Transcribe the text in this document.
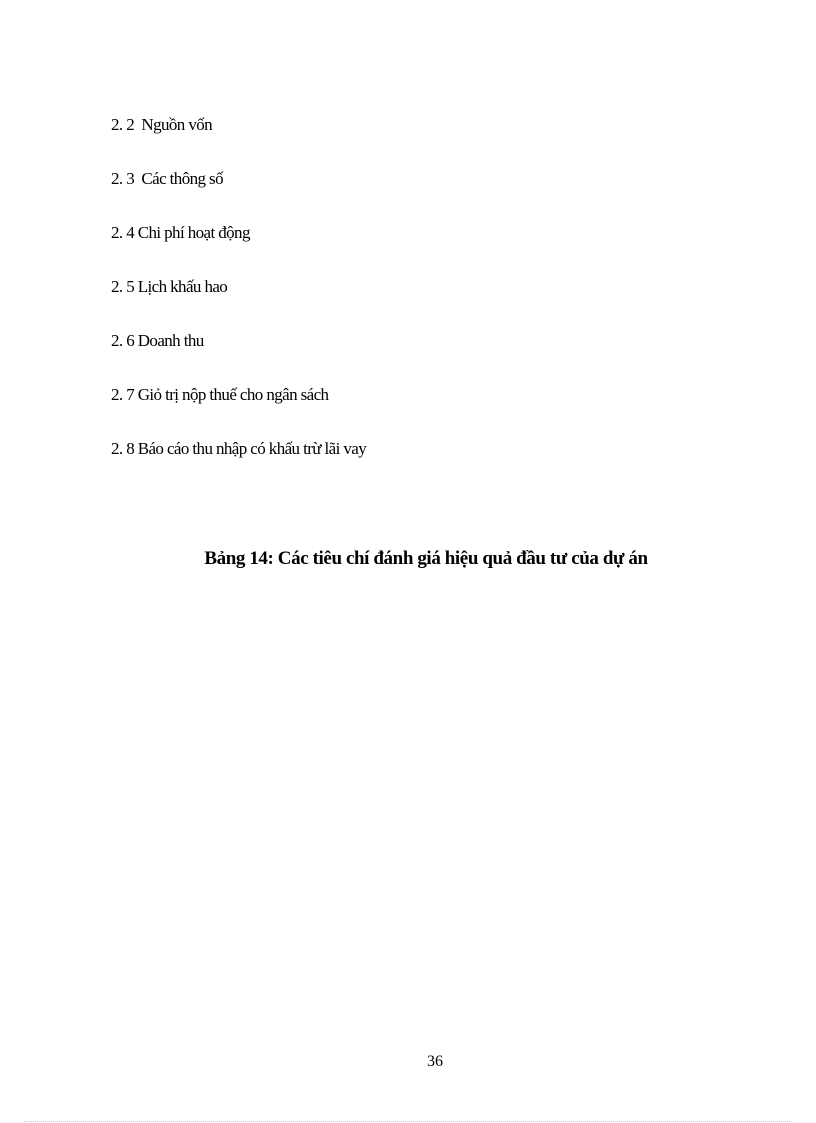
2. 2  Nguồn vốn
2. 3  Các thông số
2. 4 Chi phí hoạt động
2. 5 Lịch khấu hao
2. 6 Doanh thu
2. 7 Giỏ trị nộp thuế cho ngân sách
2. 8 Báo cáo thu nhập có khấu trừ lãi vay
Bảng 14: Các tiêu chí đánh giá hiệu quả đầu tư của dự án
36
